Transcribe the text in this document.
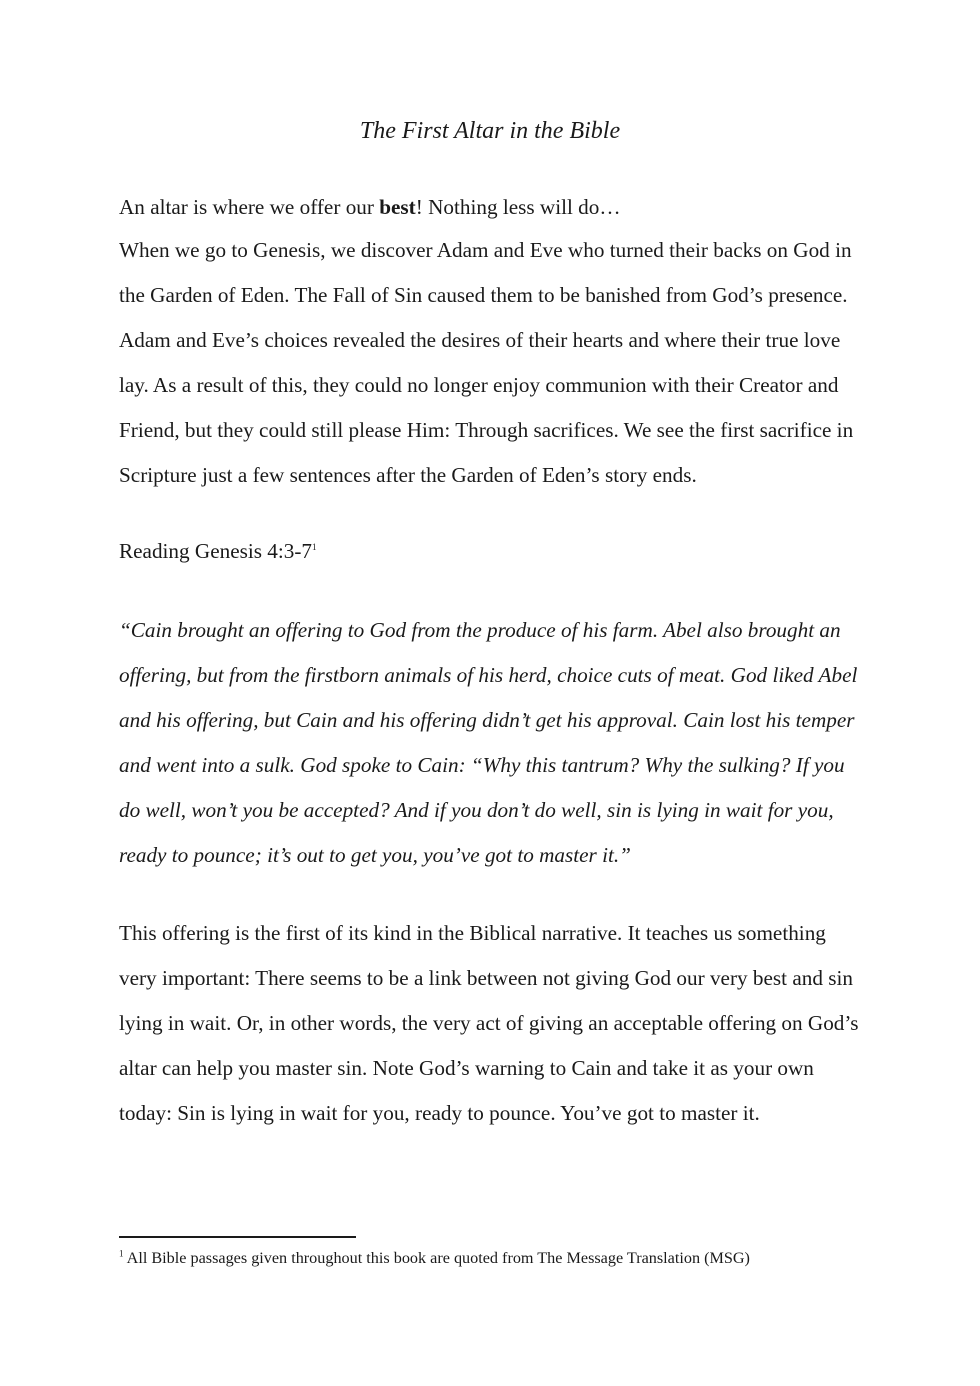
The First Altar in the Bible

An altar is where we offer our best! Nothing less will do…

When we go to Genesis, we discover Adam and Eve who turned their backs on God in the Garden of Eden. The Fall of Sin caused them to be banished from God’s presence. Adam and Eve’s choices revealed the desires of their hearts and where their true love lay. As a result of this, they could no longer enjoy communion with their Creator and Friend, but they could still please Him: Through sacrifices. We see the first sacrifice in Scripture just a few sentences after the Garden of Eden’s story ends.

Reading Genesis $4:3-7^1$

“Cain brought an offering to God from the produce of his farm. Abel also brought an offering, but from the firstborn animals of his herd, choice cuts of meat. God liked Abel and his offering, but Cain and his offering didn’t get his approval. Cain lost his temper and went into a sulk. God spoke to Cain: “Why this tantrum? Why the sulking? If you do well, won’t you be accepted? And if you don’t do well, sin is lying in wait for you, ready to pounce; it’s out to get you, you’ve got to master it.”

This offering is the first of its kind in the Biblical narrative. It teaches us something very important: There seems to be a link between not giving God our very best and sin lying in wait. Or, in other words, the very act of giving an acceptable offering on God’s altar can help you master sin. Note God’s warning to Cain and take it as your own today: Sin is lying in wait for you, ready to pounce. You’ve got to master it.

$^1$ All Bible passages given throughout this book are quoted from The Message Translation (MSG)
